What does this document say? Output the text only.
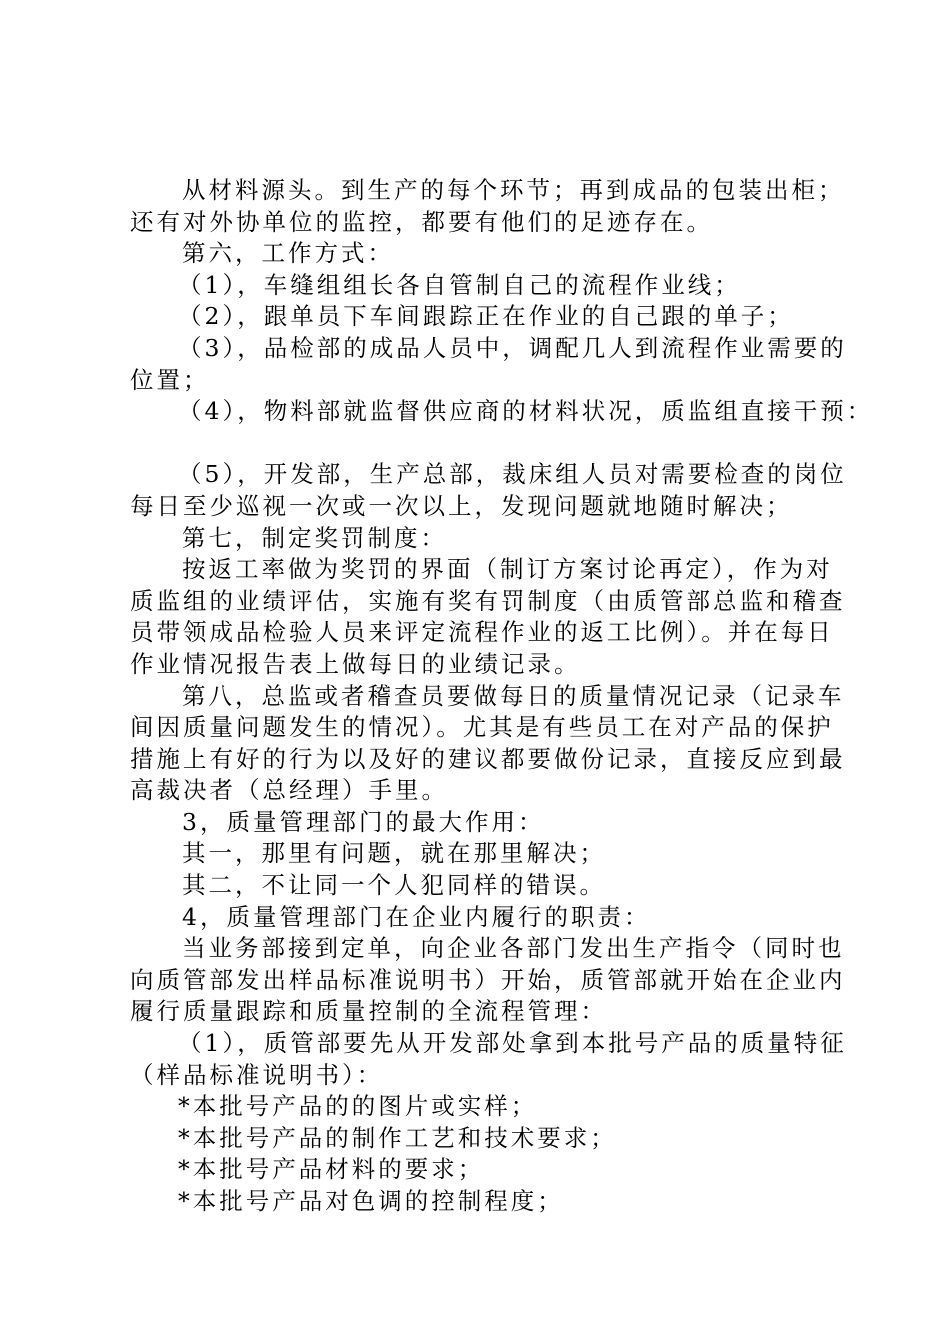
从材料源头。到生产的每个环节；再到成品的包装出柜；
还有对外协单位的监控，都要有他们的足迹存在。
第六，工作方式：
（1），车缝组组长各自管制自己的流程作业线；
（2），跟单员下车间跟踪正在作业的自己跟的单子；
（3），品检部的成品人员中，调配几人到流程作业需要的
位置；
（4），物料部就监督供应商的材料状况，质监组直接干预：
（5），开发部，生产总部，裁床组人员对需要检查的岗位
每日至少巡视一次或一次以上，发现问题就地随时解决；
第七，制定奖罚制度：
按返工率做为奖罚的界面（制订方案讨论再定），作为对
质监组的业绩评估，实施有奖有罚制度（由质管部总监和稽查
员带领成品检验人员来评定流程作业的返工比例）。并在每日
作业情况报告表上做每日的业绩记录。
第八，总监或者稽查员要做每日的质量情况记录（记录车
间因质量问题发生的情况）。尤其是有些员工在对产品的保护
措施上有好的行为以及好的建议都要做份记录，直接反应到最
高裁决者（总经理）手里。
3，质量管理部门的最大作用：
其一，那里有问题，就在那里解决；
其二，不让同一个人犯同样的错误。
4，质量管理部门在企业内履行的职责：
当业务部接到定单，向企业各部门发出生产指令（同时也
向质管部发出样品标准说明书）开始，质管部就开始在企业内
履行质量跟踪和质量控制的全流程管理：
（1），质管部要先从开发部处拿到本批号产品的质量特征
（样品标准说明书）：
*本批号产品的的图片或实样；
*本批号产品的制作工艺和技术要求；
*本批号产品材料的要求；
*本批号产品对色调的控制程度；
